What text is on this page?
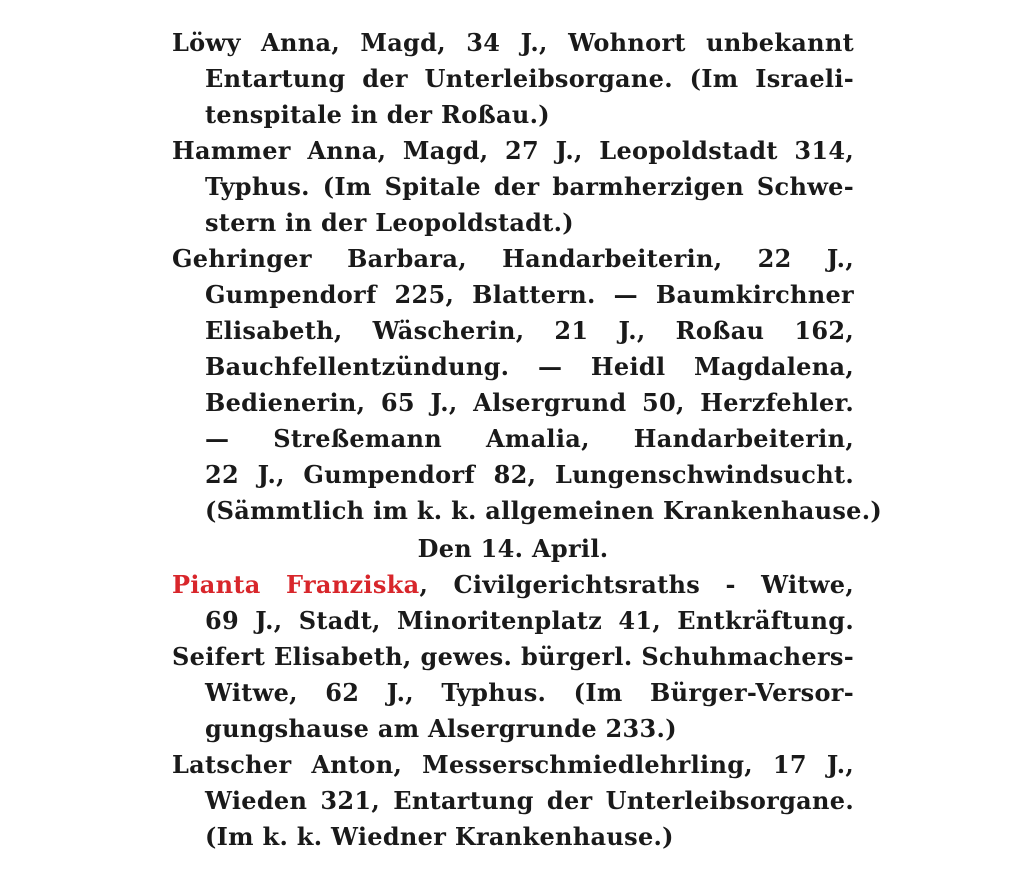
Löwy Anna, Magd, 34 J., Wohnort unbekannt
Entartung der Unterleibsorgane. (Im Israeli-
tenspitale in der Roßau.)
Hammer Anna, Magd, 27 J., Leopoldstadt 314,
Typhus. (Im Spitale der barmherzigen Schwe-
stern in der Leopoldstadt.)
Gehringer Barbara, Handarbeiterin, 22 J.,
Gumpendorf 225, Blattern. — Baumkirchner
Elisabeth, Wäscherin, 21 J., Roßau 162,
Bauchfellentzündung. — Heidl Magdalena,
Bedienerin, 65 J., Alsergrund 50, Herzfehler.
— Streßemann Amalia, Handarbeiterin,
22 J., Gumpendorf 82, Lungenschwindsucht.
(Sämmtlich im k. k. allgemeinen Krankenhause.)
Den 14. April.
Pianta Franziska, Civilgerichtsraths - Witwe,
69 J., Stadt, Minoritenplatz 41, Entkräftung.
Seifert Elisabeth, gewes. bürgerl. Schuhmachers-
Witwe, 62 J., Typhus. (Im Bürger-Versor-
gungshause am Alsergrunde 233.)
Latscher Anton, Messerschmiedlehrling, 17 J.,
Wieden 321, Entartung der Unterleibsorgane.
(Im k. k. Wiedner Krankenhause.)
